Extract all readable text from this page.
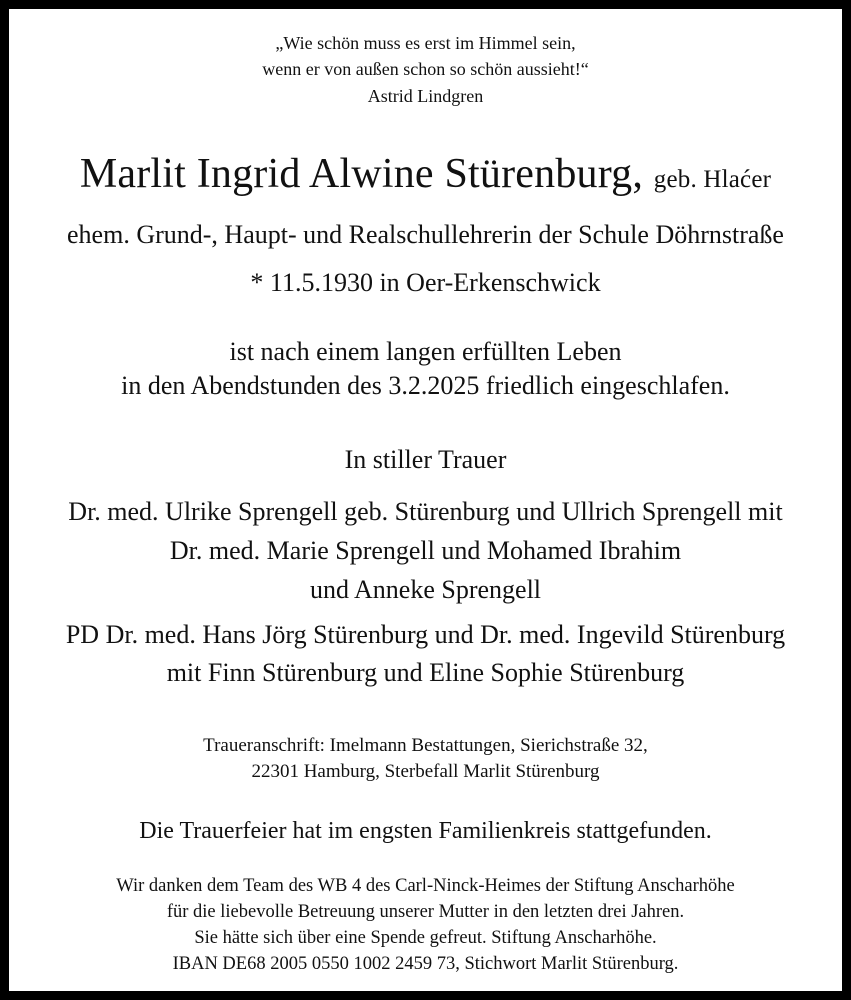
„Wie schön muss es erst im Himmel sein,
wenn er von außen schon so schön aussieht!“
Astrid Lindgren
Marlit Ingrid Alwine Stürenburg, geb. Hlaćer
ehem. Grund-, Haupt- und Realschullehrerin der Schule Döhrnstraße
* 11.5.1930 in Oer-Erkenschwick
ist nach einem langen erfüllten Leben
in den Abendstunden des 3.2.2025 friedlich eingeschlafen.
In stiller Trauer
Dr. med. Ulrike Sprengell geb. Stürenburg und Ullrich Sprengell mit
Dr. med. Marie Sprengell und Mohamed Ibrahim
und Anneke Sprengell
PD Dr. med. Hans Jörg Stürenburg und Dr. med. Ingevild Stürenburg
mit Finn Stürenburg und Eline Sophie Stürenburg
Traueranschrift: Imelmann Bestattungen, Sierichstraße 32,
22301 Hamburg, Sterbefall Marlit Stürenburg
Die Trauerfeier hat im engsten Familienkreis stattgefunden.
Wir danken dem Team des WB 4 des Carl-Ninck-Heimes der Stiftung Anscharhöhe
für die liebevolle Betreuung unserer Mutter in den letzten drei Jahren.
Sie hätte sich über eine Spende gefreut. Stiftung Anscharhöhe.
IBAN DE68 2005 0550 1002 2459 73, Stichwort Marlit Stürenburg.
